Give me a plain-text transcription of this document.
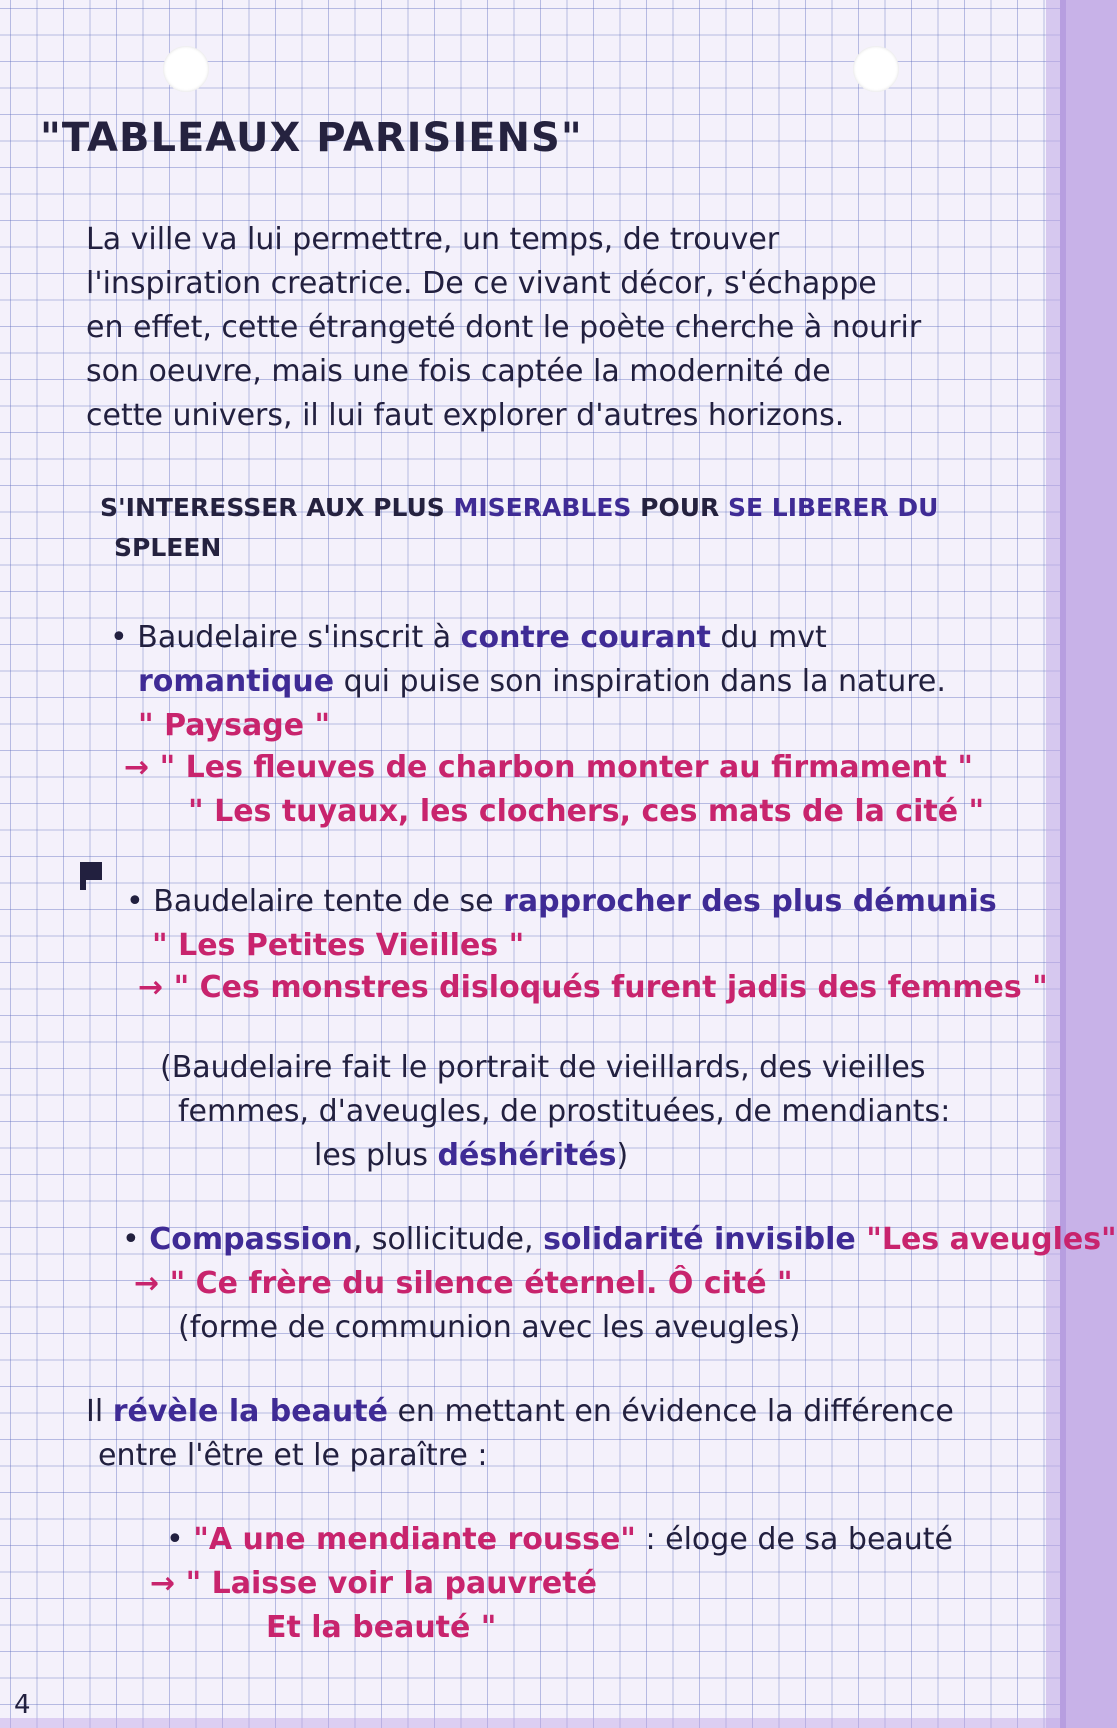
"TABLEAUX PARISIENS"
La ville va lui permettre, un temps, de trouver
l'inspiration creatrice. De ce vivant décor, s'échappe
en effet, cette étrangeté dont le poète cherche à nourir
son oeuvre, mais une fois captée la modernité de
cette univers, il lui faut explorer d'autres horizons.
S'INTERESSER AUX PLUS MISERABLES POUR SE LIBERER DU
SPLEEN
• Baudelaire s'inscrit à contre courant du mvt
romantique qui puise son inspiration dans la nature.
" Paysage "
→ " Les fleuves de charbon monter au firmament "
" Les tuyaux, les clochers, ces mats de la cité "
• Baudelaire tente de se rapprocher des plus démunis
" Les Petites Vieilles "
→ " Ces monstres disloqués furent jadis des femmes "
(Baudelaire fait le portrait de vieillards, des vieilles
femmes, d'aveugles, de prostituées, de mendiants:
les plus déshérités)
• Compassion, sollicitude, solidarité invisible "Les aveugles"
→ " Ce frère du silence éternel. Ô cité "
(forme de communion avec les aveugles)
Il révèle la beauté en mettant en évidence la différence
entre l'être et le paraître :
• "A une mendiante rousse" : éloge de sa beauté
→ " Laisse voir la pauvreté
Et la beauté "
4
